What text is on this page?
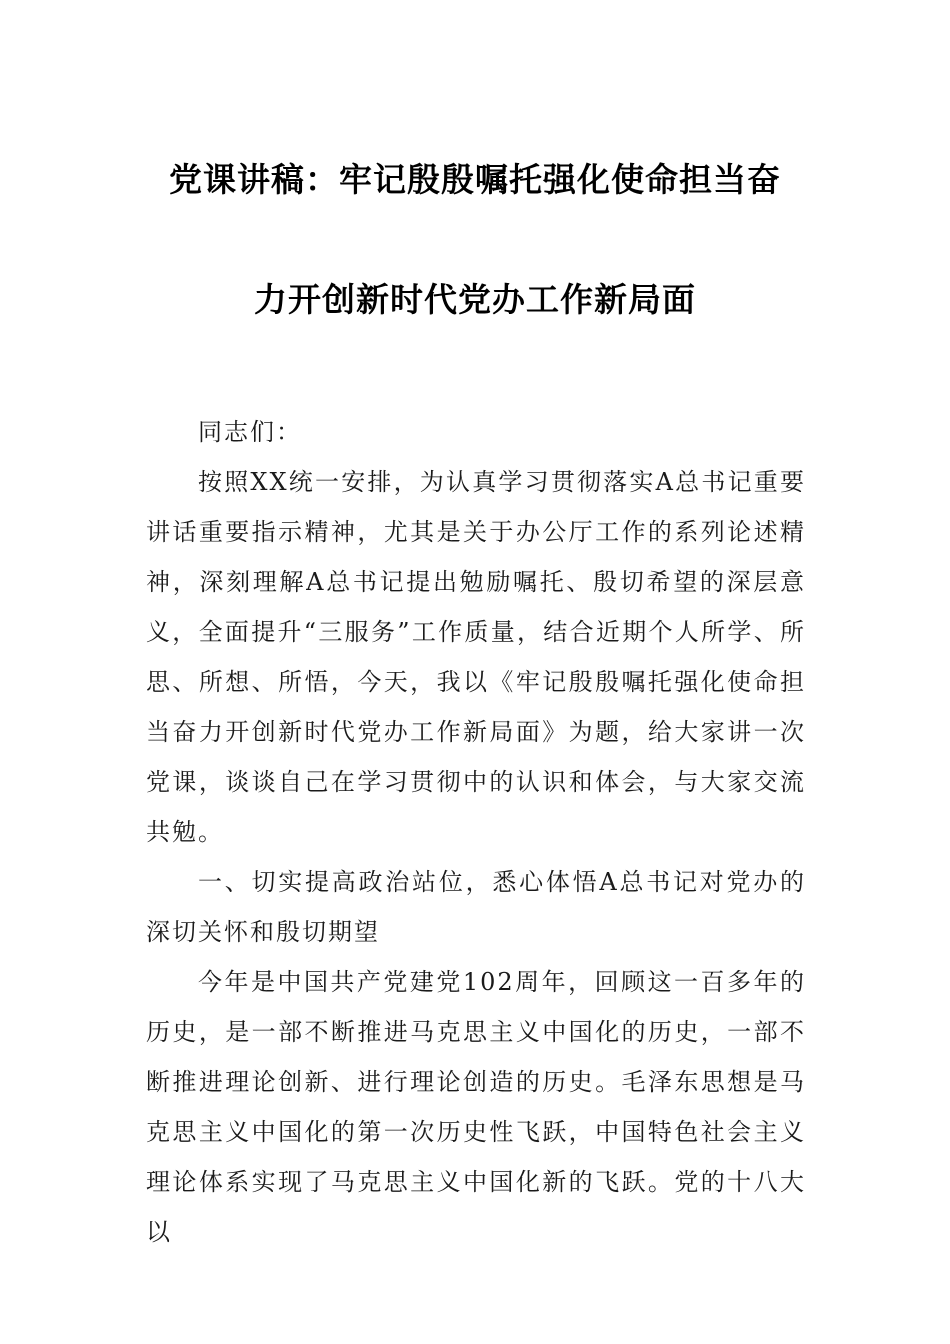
党课讲稿：牢记殷殷嘱托强化使命担当奋
力开创新时代党办工作新局面

同志们：

按照XX统一安排，为认真学习贯彻落实A总书记重要讲话重要指示精神，尤其是关于办公厅工作的系列论述精神，深刻理解A总书记提出勉励嘱托、殷切希望的深层意义，全面提升“三服务”工作质量，结合近期个人所学、所思、所想、所悟，今天，我以《牢记殷殷嘱托强化使命担当奋力开创新时代党办工作新局面》为题，给大家讲一次党课，谈谈自己在学习贯彻中的认识和体会，与大家交流共勉。

一、切实提高政治站位，悉心体悟A总书记对党办的深切关怀和殷切期望

今年是中国共产党建党102周年，回顾这一百多年的历史，是一部不断推进马克思主义中国化的历史，一部不断推进理论创新、进行理论创造的历史。毛泽东思想是马克思主义中国化的第一次历史性飞跃，中国特色社会主义理论体系实现了马克思主义中国化新的飞跃。党的十八大以
